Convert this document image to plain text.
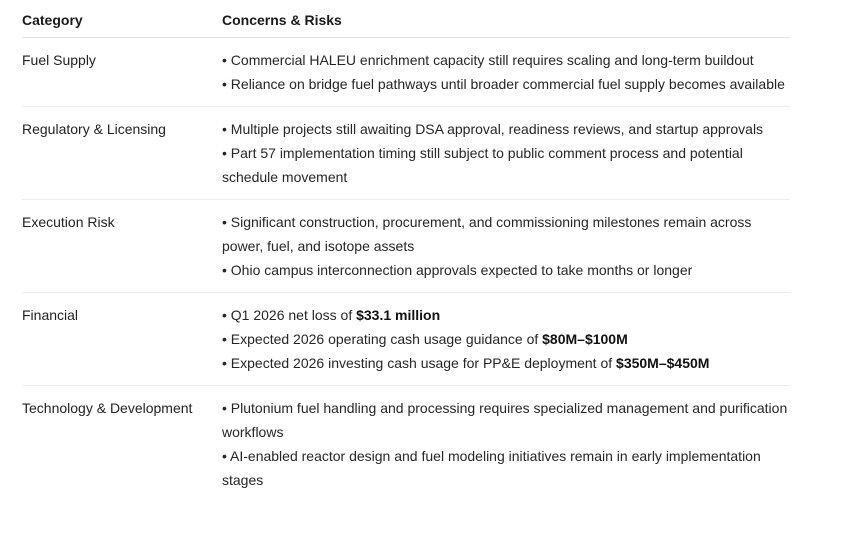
Category	Concerns & Risks
Fuel Supply	• Commercial HALEU enrichment capacity still requires scaling and long-term buildout
• Reliance on bridge fuel pathways until broader commercial fuel supply becomes available

Regulatory & Licensing	• Multiple projects still awaiting DSA approval, readiness reviews, and startup approvals
• Part 57 implementation timing still subject to public comment process and potential schedule movement

Execution Risk	• Significant construction, procurement, and commissioning milestones remain across power, fuel, and isotope assets
• Ohio campus interconnection approvals expected to take months or longer

Financial	• Q1 2026 net loss of $33.1 million
• Expected 2026 operating cash usage guidance of $80M–$100M
• Expected 2026 investing cash usage for PP&E deployment of $350M–$450M

Technology & Development	• Plutonium fuel handling and processing requires specialized management and purification workflows
• AI-enabled reactor design and fuel modeling initiatives remain in early implementation stages
